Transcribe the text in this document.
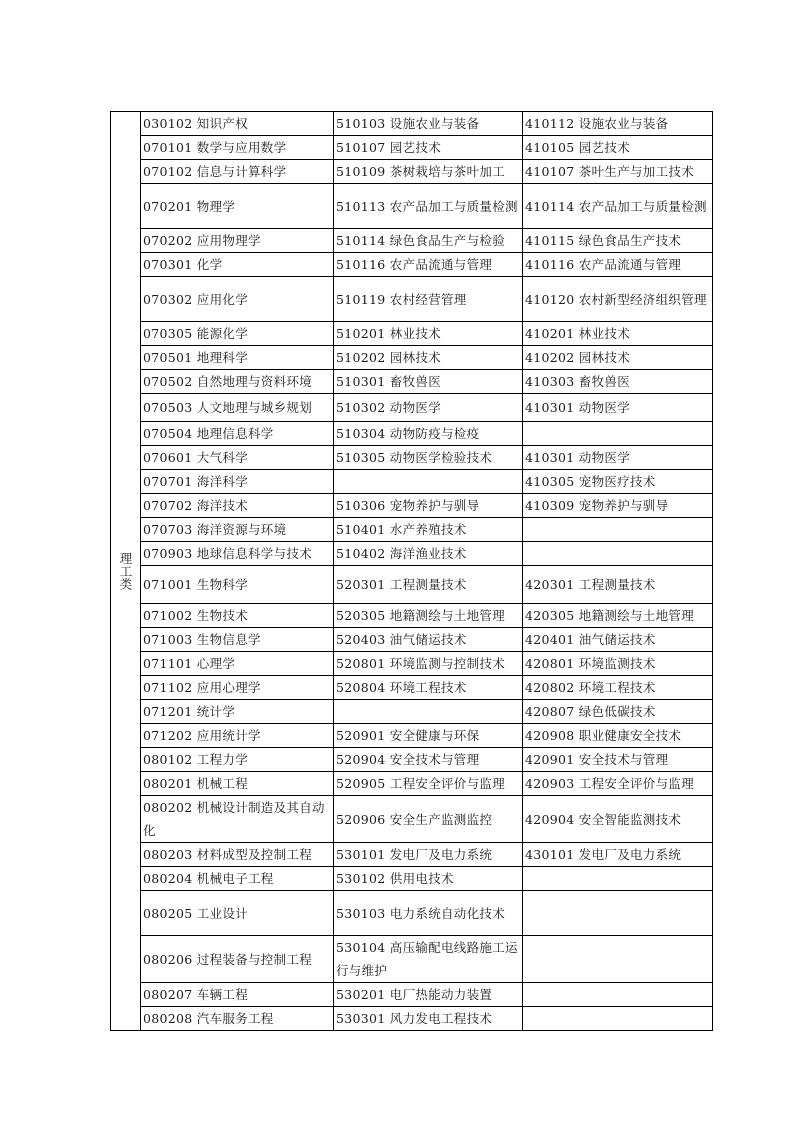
理工类	030102 知识产权	510103 设施农业与装备	410112 设施农业与装备
	070101 数学与应用数学	510107 园艺技术	410105 园艺技术
	070102 信息与计算科学	510109 茶树栽培与茶叶加工	410107 茶叶生产与加工技术
	070201 物理学	510113 农产品加工与质量检测	410114 农产品加工与质量检测
	070202 应用物理学	510114 绿色食品生产与检验	410115 绿色食品生产技术
	070301 化学	510116 农产品流通与管理	410116 农产品流通与管理
	070302 应用化学	510119 农村经营管理	410120 农村新型经济组织管理
	070305 能源化学	510201 林业技术	410201 林业技术
	070501 地理科学	510202 园林技术	410202 园林技术
	070502 自然地理与资料环境	510301 畜牧兽医	410303 畜牧兽医
	070503 人文地理与城乡规划	510302 动物医学	410301 动物医学
	070504 地理信息科学	510304 动物防疫与检疫	
	070601 大气科学	510305 动物医学检验技术	410301 动物医学
	070701 海洋科学		410305 宠物医疗技术
	070702 海洋技术	510306 宠物养护与驯导	410309 宠物养护与驯导
	070703 海洋资源与环境	510401 水产养殖技术	
	070903 地球信息科学与技术	510402 海洋渔业技术	
	071001 生物科学	520301 工程测量技术	420301 工程测量技术
	071002 生物技术	520305 地籍测绘与土地管理	420305 地籍测绘与土地管理
	071003 生物信息学	520403 油气储运技术	420401 油气储运技术
	071101 心理学	520801 环境监测与控制技术	420801 环境监测技术
	071102 应用心理学	520804 环境工程技术	420802 环境工程技术
	071201 统计学		420807 绿色低碳技术
	071202 应用统计学	520901 安全健康与环保	420908 职业健康安全技术
	080102 工程力学	520904 安全技术与管理	420901 安全技术与管理
	080201 机械工程	520905 工程安全评价与监理	420903 工程安全评价与监理
	080202 机械设计制造及其自动化	520906 安全生产监测监控	420904 安全智能监测技术
	080203 材料成型及控制工程	530101 发电厂及电力系统	430101 发电厂及电力系统
	080204 机械电子工程	530102 供用电技术	
	080205 工业设计	530103 电力系统自动化技术	
	080206 过程装备与控制工程	530104 高压输配电线路施工运行与维护	
	080207 车辆工程	530201 电厂热能动力装置	
	080208 汽车服务工程	530301 风力发电工程技术	
